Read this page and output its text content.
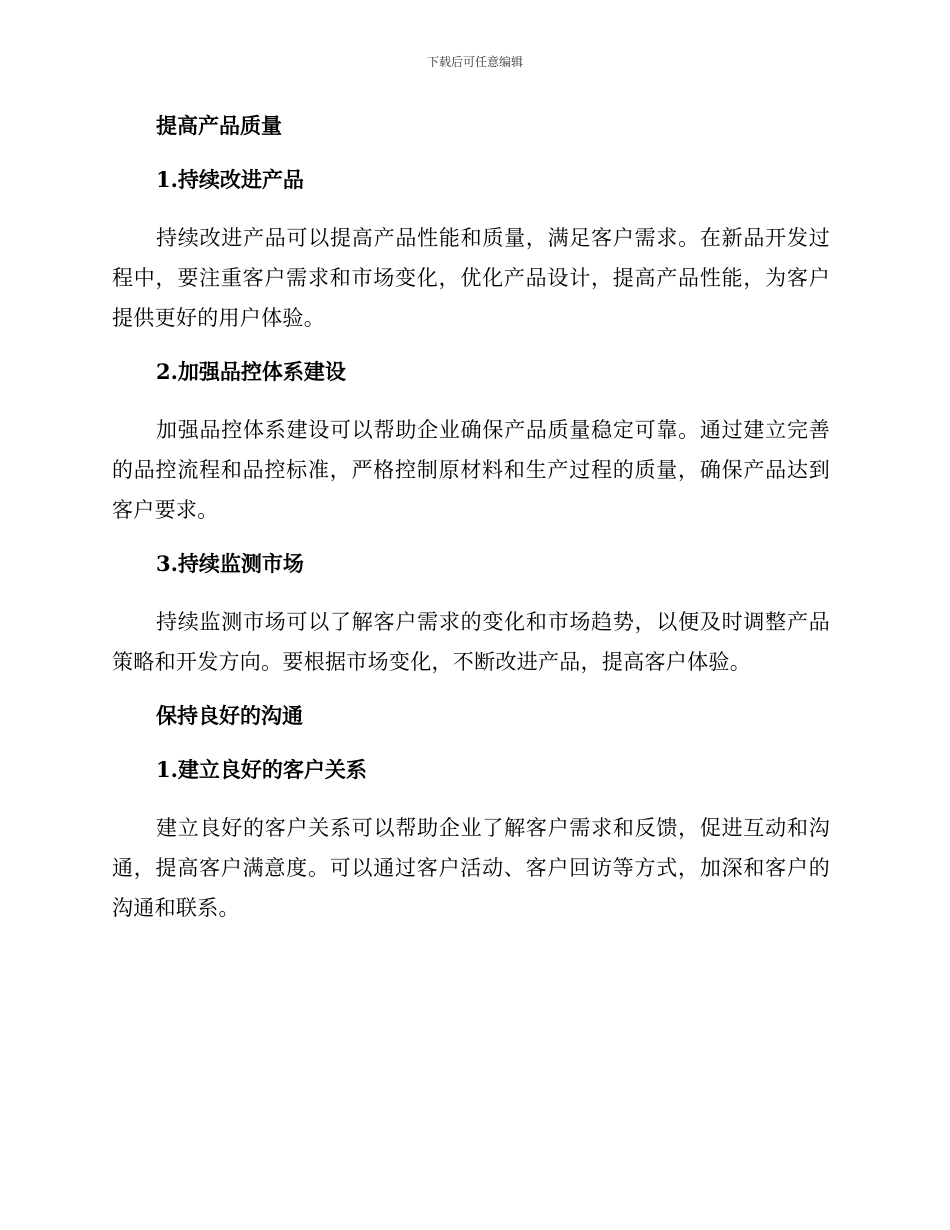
下载后可任意编辑
提高产品质量
1.持续改进产品
持续改进产品可以提高产品性能和质量，满足客户需求。在新品开发过程中，要注重客户需求和市场变化，优化产品设计，提高产品性能，为客户提供更好的用户体验。
2.加强品控体系建设
加强品控体系建设可以帮助企业确保产品质量稳定可靠。通过建立完善的品控流程和品控标准，严格控制原材料和生产过程的质量，确保产品达到客户要求。
3.持续监测市场
持续监测市场可以了解客户需求的变化和市场趋势，以便及时调整产品策略和开发方向。要根据市场变化，不断改进产品，提高客户体验。
保持良好的沟通
1.建立良好的客户关系
建立良好的客户关系可以帮助企业了解客户需求和反馈，促进互动和沟通，提高客户满意度。可以通过客户活动、客户回访等方式，加深和客户的沟通和联系。
